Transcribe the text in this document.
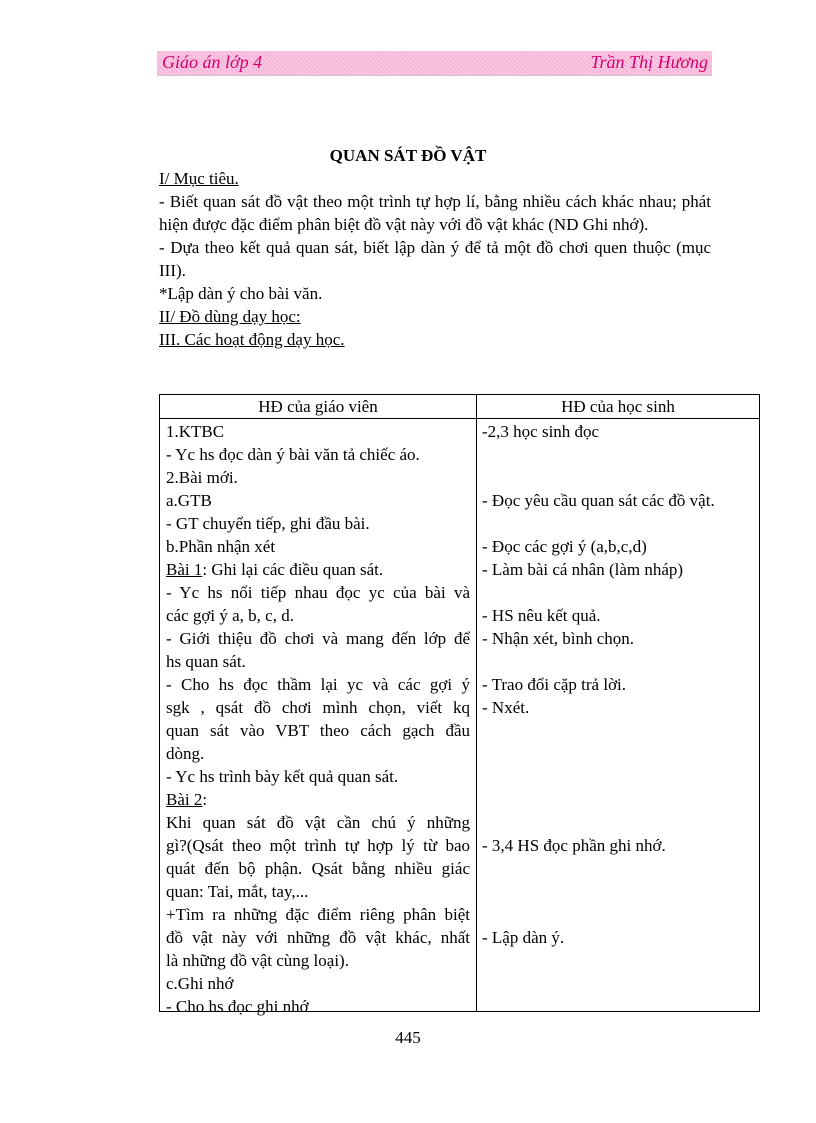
Giáo án lớp 4	Trần Thị Hương
QUAN SÁT ĐỒ VẬT

I/ Mục tiêu.

- Biết quan sát đồ vật theo một trình tự hợp lí, bằng nhiều cách khác nhau; phát hiện được đặc điểm phân biệt đồ vật này với đồ vật khác (ND Ghi nhớ).

- Dựa theo kết quả quan sát, biết lập dàn ý để tả một đồ chơi quen thuộc (mục III).

*Lập dàn ý cho bài văn.

II/ Đồ dùng dạy học:

III. Các hoạt động dạy học.

HĐ của giáo viên	HĐ của học sinh
1.KTBC
- Yc hs đọc dàn ý bài văn tả chiếc áo.
2.Bài mới.
a.GTB
- GT chuyển tiếp, ghi đầu bài.
b.Phần nhận xét
Bài 1: Ghi lại các điều quan sát.
- Yc hs nối tiếp nhau đọc yc của bài và
các gợi ý a, b, c, d.
- Giới thiệu đồ chơi và mang đến lớp để
hs quan sát.
- Cho hs đọc thầm lại yc và các gợi ý
sgk , qsát đồ chơi mình chọn, viết kq
quan sát vào VBT theo cách gạch đầu
dòng.
- Yc hs trình bày kết quả quan sát.
Bài 2:
Khi quan sát đồ vật cần chú ý những
gì?(Qsát theo một trình tự hợp lý từ bao
quát đến bộ phận. Qsát bằng nhiều giác
quan: Tai, mắt, tay,...
+Tìm ra những đặc điểm riêng phân biệt
đồ vật này với những đồ vật khác, nhất
là những đồ vật cùng loại).
c.Ghi nhớ
- Cho hs đọc ghi nhớ
-2,3 học sinh đọc
- Đọc yêu cầu quan sát các đồ vật.
- Đọc các gợi ý (a,b,c,d)
- Làm bài cá nhân (làm nháp)
- HS nêu kết quả.
- Nhận xét, bình chọn.
- Trao đổi cặp trả lời.
- Nxét.
- 3,4 HS đọc phần ghi nhớ.
- Lập dàn ý.
445
